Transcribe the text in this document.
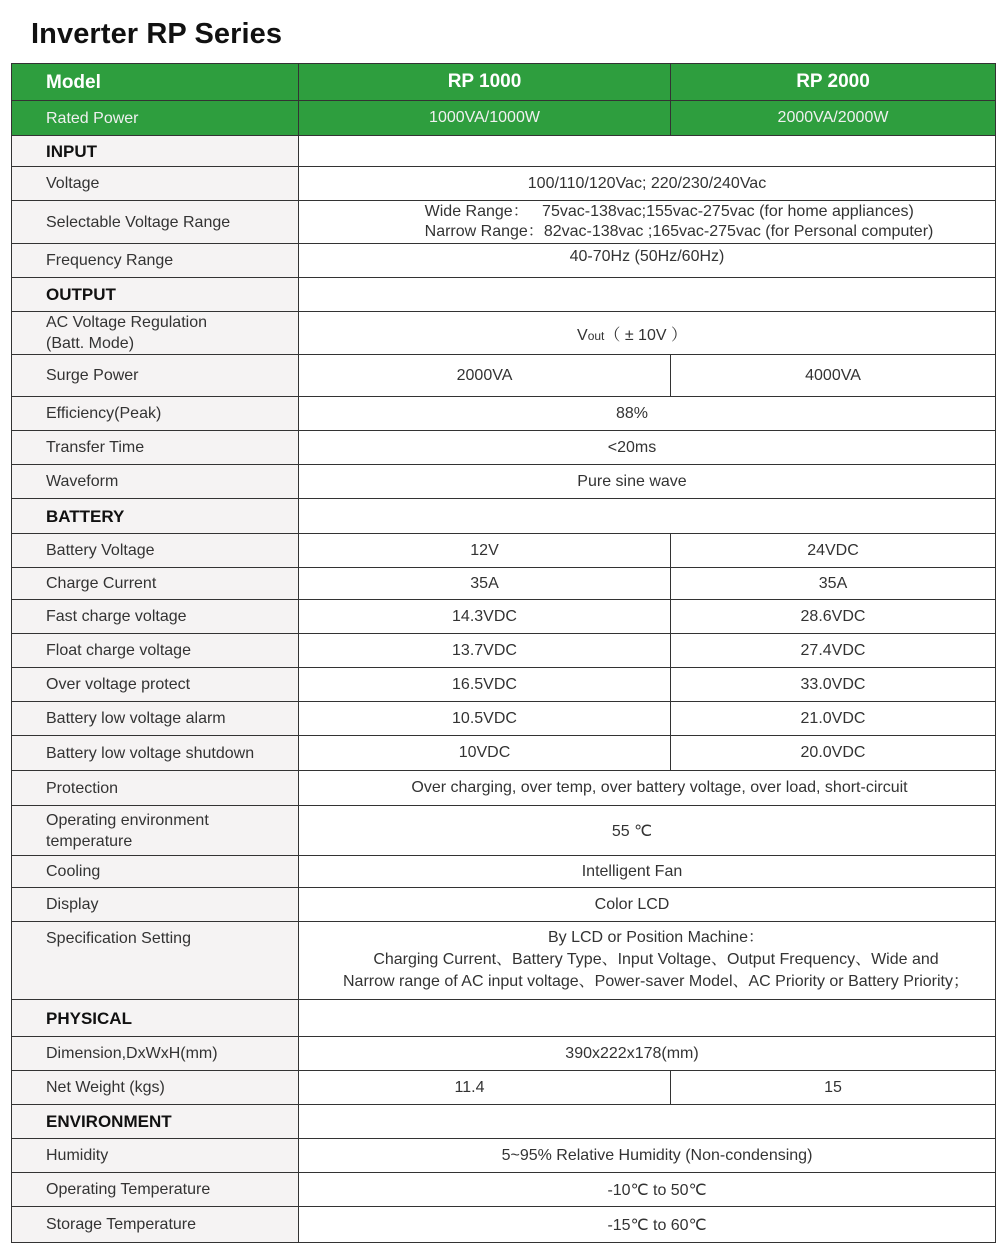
Inverter RP Series
Model	RP 1000	RP 2000
Rated Power	1000VA/1000W	2000VA/2000W
INPUT		
Voltage	100/110/120Vac; 220/230/240Vac	
Selectable Voltage Range	Wide Range： 75vac-138vac;155vac-275vac (for home appliances)
Narrow Range：82vac-138vac ;165vac-275vac (for Personal computer)	
Frequency Range	40-70Hz (50Hz/60Hz)	
OUTPUT		
AC Voltage Regulation
(Batt. Mode)	Vout（ ± 10V ）	
Surge Power	2000VA	4000VA
Efficiency(Peak)	88%	
Transfer Time	<20ms	
Waveform	Pure sine wave	
BATTERY		
Battery Voltage	12V	24VDC
Charge Current	35A	35A
Fast charge voltage	14.3VDC	28.6VDC
Float charge voltage	13.7VDC	27.4VDC
Over voltage protect	16.5VDC	33.0VDC
Battery low voltage alarm	10.5VDC	21.0VDC
Battery low voltage shutdown	10VDC	20.0VDC
Protection	Over charging, over temp, over battery voltage, over load, short-circuit	
Operating environment
temperature	55 ℃	
Cooling	Intelligent Fan	
Display	Color LCD	
Specification Setting	By LCD or Position Machine：
Charging Current、Battery Type、Input Voltage、Output Frequency、Wide and
Narrow range of AC input voltage、Power-saver Model、AC Priority or Battery Priority；	
PHYSICAL		
Dimension,DxWxH(mm)	390x222x178(mm)	
Net Weight (kgs)	11.4	15
ENVIRONMENT		
Humidity	5~95% Relative Humidity (Non-condensing)	
Operating Temperature	-10℃ to 50℃	
Storage Temperature	-15℃ to 60℃	
